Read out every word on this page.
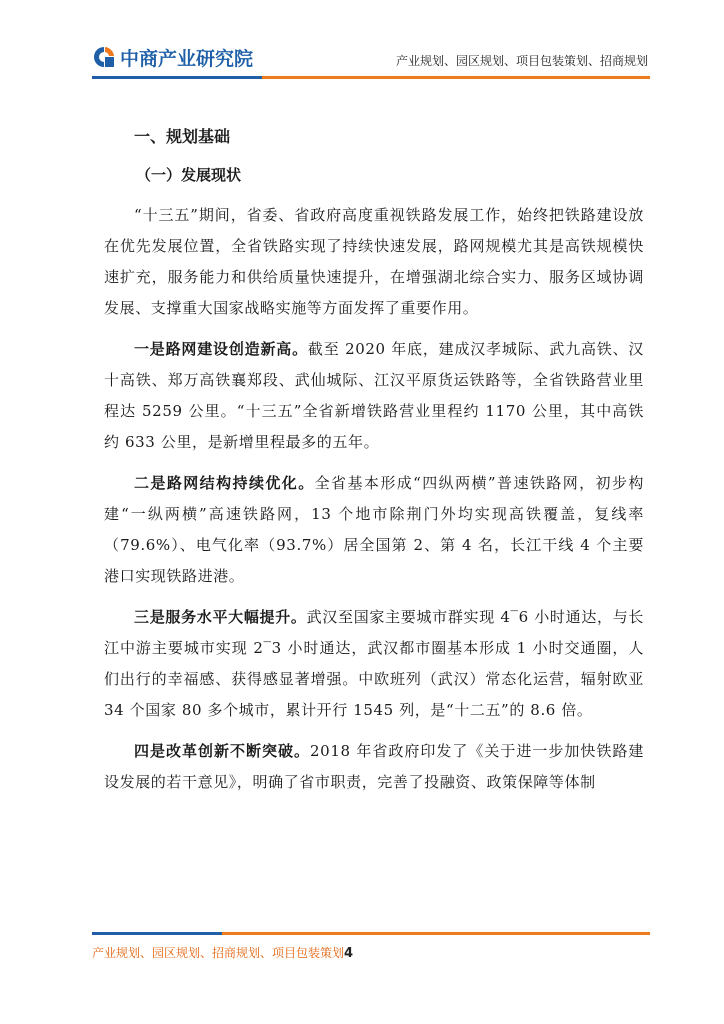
中商产业研究院	产业规划、园区规划、项目包装策划、招商规划
一、规划基础
（一）发展现状

“十三五”期间，省委、省政府高度重视铁路发展工作，始终把铁路建设放在优先发展位置，全省铁路实现了持续快速发展，路网规模尤其是高铁规模快速扩充，服务能力和供给质量快速提升，在增强湖北综合实力、服务区域协调发展、支撑重大国家战略实施等方面发挥了重要作用。

一是路网建设创造新高。截至 2020 年底，建成汉孝城际、武九高铁、汉十高铁、郑万高铁襄郑段、武仙城际、江汉平原货运铁路等，全省铁路营业里程达 5259 公里。“十三五”全省新增铁路营业里程约 1170 公里，其中高铁约 633 公里，是新增里程最多的五年。

二是路网结构持续优化。全省基本形成“四纵两横”普速铁路网，初步构建“一纵两横”高速铁路网，13 个地市除荆门外均实现高铁覆盖，复线率（79.6%）、电气化率（93.7%）居全国第 2、第 4 名，长江干线 4 个主要港口实现铁路进港。

三是服务水平大幅提升。武汉至国家主要城市群实现 4‾6 小时通达，与长江中游主要城市实现 2‾3 小时通达，武汉都市圈基本形成 1 小时交通圈，人们出行的幸福感、获得感显著增强。中欧班列（武汉）常态化运营，辐射欧亚 34 个国家 80 多个城市，累计开行 1545 列，是“十二五”的 8.6 倍。

四是改革创新不断突破。2018 年省政府印发了《关于进一步加快铁路建设发展的若干意见》，明确了省市职责，完善了投融资、政策保障等体制

产业规划、园区规划、招商规划、项目包装策划4
